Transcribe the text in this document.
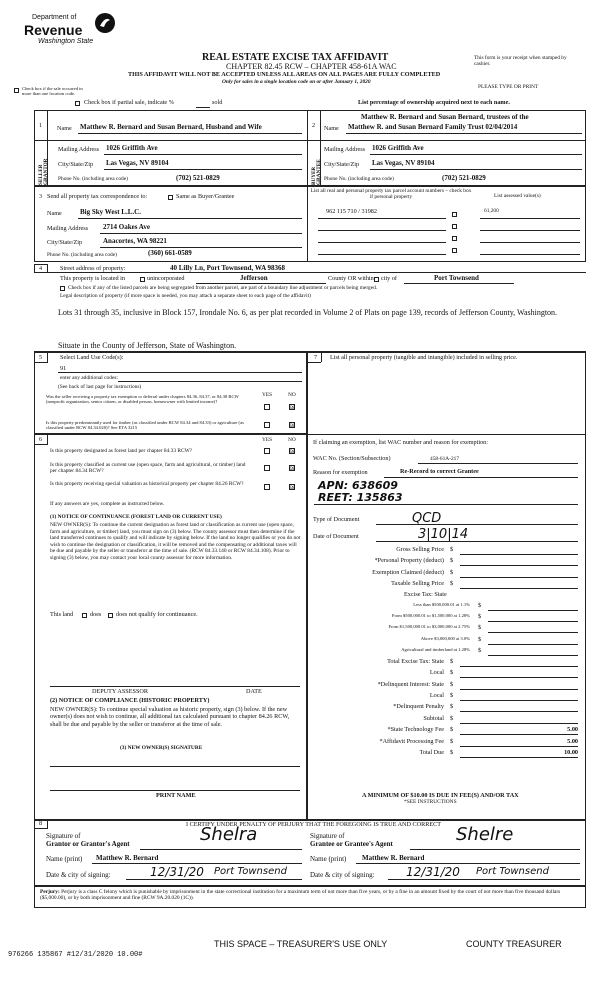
Department of
Revenue
Washington State
REAL ESTATE EXCISE TAX AFFIDAVIT
CHAPTER 82.45 RCW – CHAPTER 458-61A WAC
THIS AFFIDAVIT WILL NOT BE ACCEPTED UNLESS ALL AREAS ON ALL PAGES ARE FULLY COMPLETED
Only for sales in a single location code on or after January 1, 2020
This form is your receipt when stamped by cashier.
PLEASE TYPE OR PRINT
Check box if the sale occurred in more than one location code.
Check box if partial sale, indicate %	sold	List percentage of ownership acquired next to each name.
1 Name Matthew R. Bernard and Susan Bernard, Husband and Wife
SELLER GRANTOR
Mailing Address 1026 Griffith Ave
City/State/Zip Las Vegas, NV 89104
Phone No. (including area code)	(702) 521-0829
2 Name
Matthew R. Bernard and Susan Bernard, trustees of the
Matthew R. and Susan Bernard Family Trust 02/04/2014
BUYER GRANTEE
Mailing Address 1026 Griffith Ave
City/State/Zip Las Vegas, NV 89104
Phone No. (including area code)	(702) 521-0829
3 Send all property tax correspondence to:	Same as Buyer/Grantee
Name	Big Sky West L.L.C.
Mailing Address 2714 Oakes Ave
City/State/Zip	Anacortes, WA 98221
Phone No. (including area code)	(360) 661-0589
List all real and personal property tax parcel account numbers – check box if personal property	List assessed value(s)
962 115 710 / 31982	61,200
4	Street address of property:	40 Lilly Ln, Port Townsend, WA 98368
This property is located in	unincorporated	Jefferson	County OR within city of	Port Townsend
Check box if any of the listed parcels are being segregated from another parcel, are part of a boundary line adjustment or parcels being merged.
Legal description of property (if more space is needed, you may attach a separate sheet to each page of the affidavit)
Lots 31 through 35, inclusive in Block 157, Irondale No. 6, as per plat recorded in Volume 2 of Plats on page 139, records of Jefferson County, Washington.
Situate in the County of Jefferson, State of Washington.
5	Select Land Use Code(s):
91
enter any additional codes:
(See back of last page for instructions)
YES	NO
Was the seller receiving a property tax exemption or deferral under chapters 84.36, 84.37, or 84.38 RCW (nonprofit organization, senior citizen, or disabled person, homeowner with limited income)?
☒
Is this property predominantly used for timber (as classified under RCW 84.34 and 84.33) or agriculture (as classified under RCW 84.34.020)? See ETA 3215	☒
6	YES	NO
Is this property designated as forest land per chapter 84.33 RCW?	☒
Is this property classified as current use (open space, farm and agricultural, or timber) land per chapter 84.34 RCW?	☒
Is this property receiving special valuation as historical property per chapter 84.26 RCW?	☒
If any answers are yes, complete as instructed below.
(1) NOTICE OF CONTINUANCE (FOREST LAND OR CURRENT USE)
NEW OWNER(S): To continue the current designation as forest land or classification as current use (open space, farm and agriculture, or timber) land, you must sign on (3) below. The county assessor must then determine if the land transferred continues to qualify and will indicate by signing below. If the land no longer qualifies or you do not wish to continue the designation or classification, it will be removed and the compensating or additional taxes will be due and payable by the seller or transferor at the time of sale. (RCW 84.33.140 or RCW 84.34.108). Prior to signing (3) below, you may contact your local county assessor for more information.
This land	does does not qualify for continuance.
DEPUTY ASSESSOR	DATE
(2) NOTICE OF COMPLIANCE (HISTORIC PROPERTY)
NEW OWNER(S): To continue special valuation as historic property, sign (3) below. If the new owner(s) does not wish to continue, all additional tax calculated pursuant to chapter 84.26 RCW, shall be due and payable by the seller or transferor at the time of sale.
(3) NEW OWNER(S) SIGNATURE
PRINT NAME
7 List all personal property (tangible and intangible) included in selling price.
If claiming an exemption, list WAC number and reason for exemption:
WAC No. (Section/Subsection)	458-61A-217
Reason for exemption	Re-Record to correct Grantee
APN: 638609
REET: 135863
Type of Document	QCD
Date of Document	3|10|14
Gross Selling Price $
*Personal Property (deduct) $
Exemption Claimed (deduct) $
Taxable Selling Price $
Excise Tax: State
Less than $500,000.01 at 1.1% $
From $500,000.01 to $1,500,000 at 1.28% $
From $1,500,000.01 to $3,000,000 at 2.75% $
Above $3,000,000 at 3.0% $
Agricultural and timberland at 1.28% $
Total Excise Tax: State $
Local $
*Delinquent Interest: State $
Local $
*Delinquent Penalty $
Subtotal $
*State Technology Fee $	5.00
*Affidavit Processing Fee $	5.00
Total Due $	10.00
A MINIMUM OF $10.00 IS DUE IN FEE(S) AND/OR TAX
*SEE INSTRUCTIONS
8	I CERTIFY UNDER PENALTY OF PERJURY THAT THE FOREGOING IS TRUE AND CORRECT
Signature of
Grantor or Grantor's Agent	Shelra	Signature of
Grantee or Grantee's Agent	Shelre
Name (print) Matthew R. Bernard	Name (print) Matthew R. Bernard
Date & city of signing:	12/31/20 Port Townsend	Date & city of signing:	12/31/20 Port Townsend
Perjury: Perjury is a class C felony which is punishable by imprisonment in the state correctional institution for a maximum term of not more than five years, or by a fine in an amount fixed by the court of not more than five thousand dollars ($5,000.00), or by both imprisonment and fine (RCW 9A.20.020 (1C)).
976266 135867 #12/31/2020 10.00#
THIS SPACE – TREASURER'S USE ONLY	COUNTY TREASURER
